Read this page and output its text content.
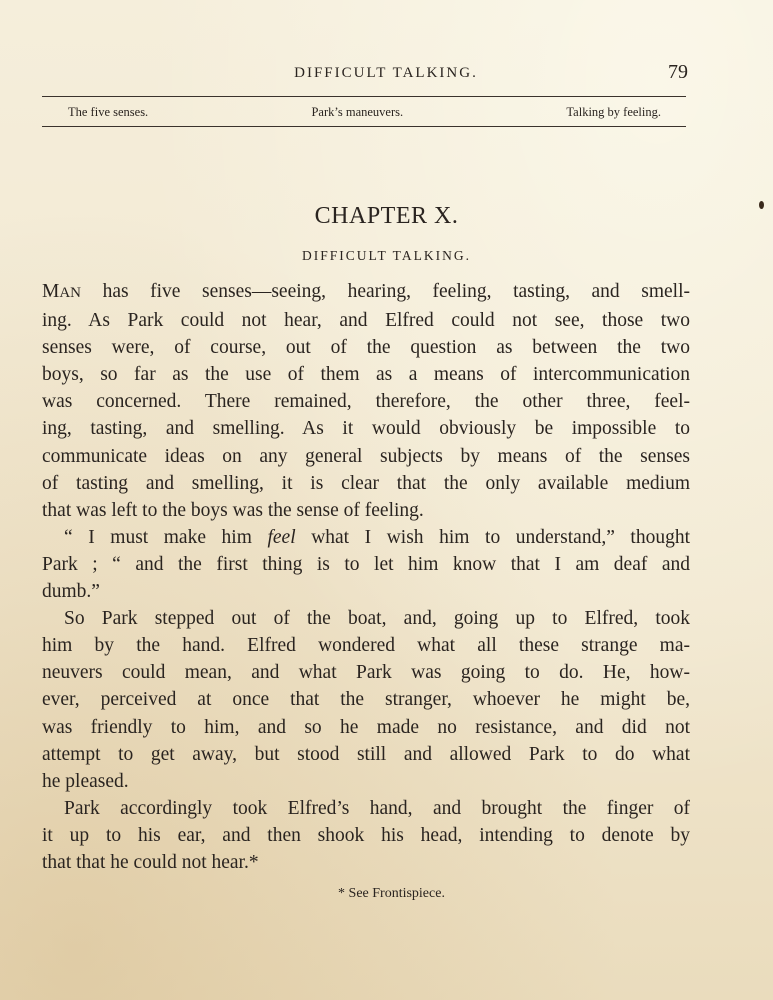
DIFFICULT TALKING.	79
The five senses.	Park’s maneuvers.	Talking by feeling.
CHAPTER X.
DIFFICULT TALKING.
MAN has five senses—seeing, hearing, feeling, tasting, and smell-
ing. As Park could not hear, and Elfred could not see, those two
senses were, of course, out of the question as between the two
boys, so far as the use of them as a means of intercommunication
was concerned. There remained, therefore, the other three, feel-
ing, tasting, and smelling. As it would obviously be impossible to
communicate ideas on any general subjects by means of the senses
of tasting and smelling, it is clear that the only available medium
that was left to the boys was the sense of feeling.
“ I must make him feel what I wish him to understand,” thought
Park ; “ and the first thing is to let him know that I am deaf and
dumb.”
So Park stepped out of the boat, and, going up to Elfred, took
him by the hand. Elfred wondered what all these strange ma-
neuvers could mean, and what Park was going to do. He, how-
ever, perceived at once that the stranger, whoever he might be,
was friendly to him, and so he made no resistance, and did not
attempt to get away, but stood still and allowed Park to do what
he pleased.
Park accordingly took Elfred’s hand, and brought the finger of
it up to his ear, and then shook his head, intending to denote by
that that he could not hear.*
* See Frontispiece.
